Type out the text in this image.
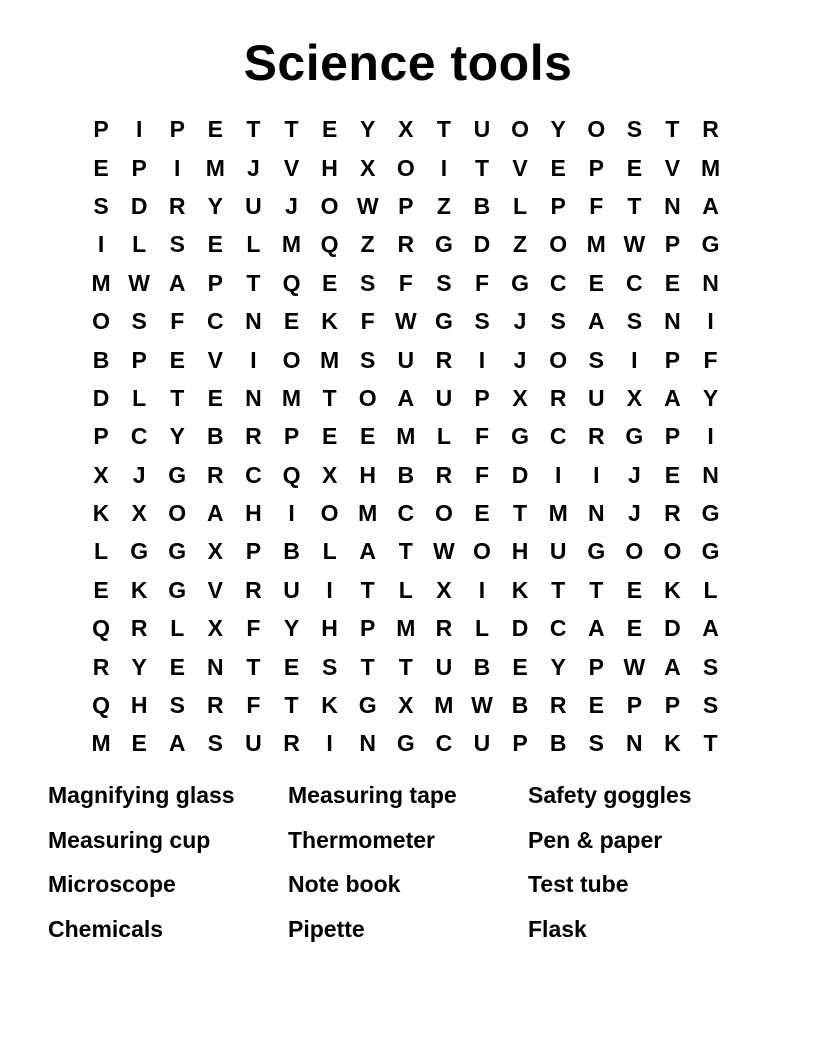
Science tools
P	I	P E	T	T	E Y X	T U O Y O S	T R
E P	I	M J	V H X O	I	T	V E P E V M
S D R Y U	J O W P	Z B L	P	F	T N A
I	L	S E	L M Q Z R G D Z O M W P G
M W A P	T Q E S	F	S	F G C E C E N
O S	F C N E K F W G S	J	S A S N	I
B P E V	I	O M S U R	I	J O S	I	P	F
D L	T	E N M T O A U P X R U X A Y
P C Y B R P E E M L	F G C R G P	I
X	J G R C Q X H B R F D	I	I	J	E N
K X O A H	I	O M C O E	T M N	J	R G
L G G X P B L A T W O H U G O O G
E K G V R U	I	T	L	X	I	K T	T	E K L
Q R L	X	F	Y H P M R L D C A E D A
R Y E N T	E S	T	T U B E Y P W A S
Q H S R F	T K G X M W B R E P P S
M E A S U R	I	N G C U P B S N K T
Magnifying glass	Measuring tape	Safety goggles
Measuring cup	Thermometer	Pen & paper
Microscope	Note book	Test tube
Chemicals	Pipette	Flask
